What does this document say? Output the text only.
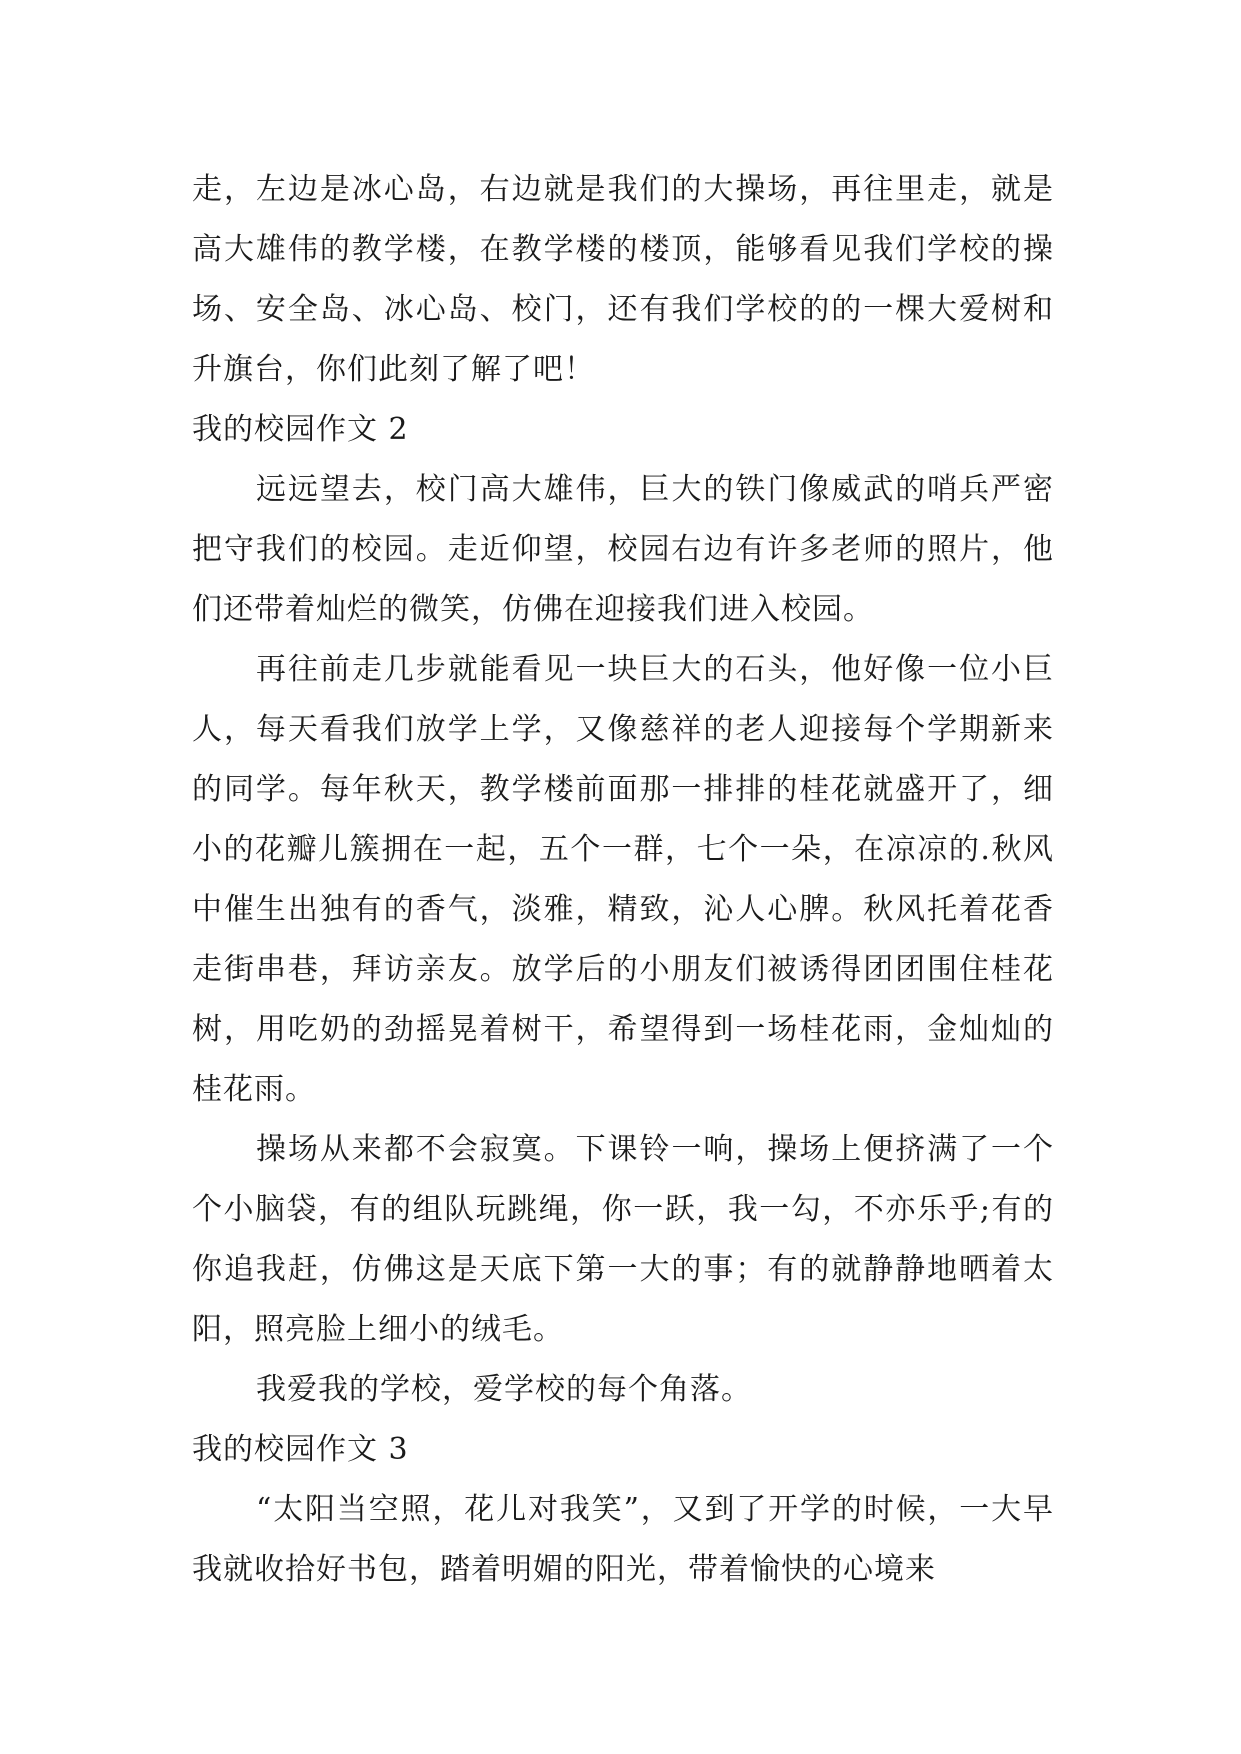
走，左边是冰心岛，右边就是我们的大操场，再往里走，就是高大雄伟的教学楼，在教学楼的楼顶，能够看见我们学校的操场、安全岛、冰心岛、校门，还有我们学校的的一棵大爱树和升旗台，你们此刻了解了吧！

我的校园作文 2

远远望去，校门高大雄伟，巨大的铁门像威武的哨兵严密把守我们的校园。走近仰望，校园右边有许多老师的照片，他们还带着灿烂的微笑，仿佛在迎接我们进入校园。

再往前走几步就能看见一块巨大的石头，他好像一位小巨人，每天看我们放学上学，又像慈祥的老人迎接每个学期新来的同学。每年秋天，教学楼前面那一排排的桂花就盛开了，细小的花瓣儿簇拥在一起，五个一群，七个一朵，在凉凉的.秋风中催生出独有的香气，淡雅，精致，沁人心脾。秋风托着花香走街串巷，拜访亲友。放学后的小朋友们被诱得团团围住桂花树，用吃奶的劲摇晃着树干，希望得到一场桂花雨，金灿灿的桂花雨。

操场从来都不会寂寞。下课铃一响，操场上便挤满了一个个小脑袋，有的组队玩跳绳，你一跃，我一勾，不亦乐乎;有的你追我赶，仿佛这是天底下第一大的事；有的就静静地晒着太阳，照亮脸上细小的绒毛。

我爱我的学校，爱学校的每个角落。

我的校园作文 3

“太阳当空照，花儿对我笑”，又到了开学的时候，一大早我就收拾好书包，踏着明媚的阳光，带着愉快的心境来
